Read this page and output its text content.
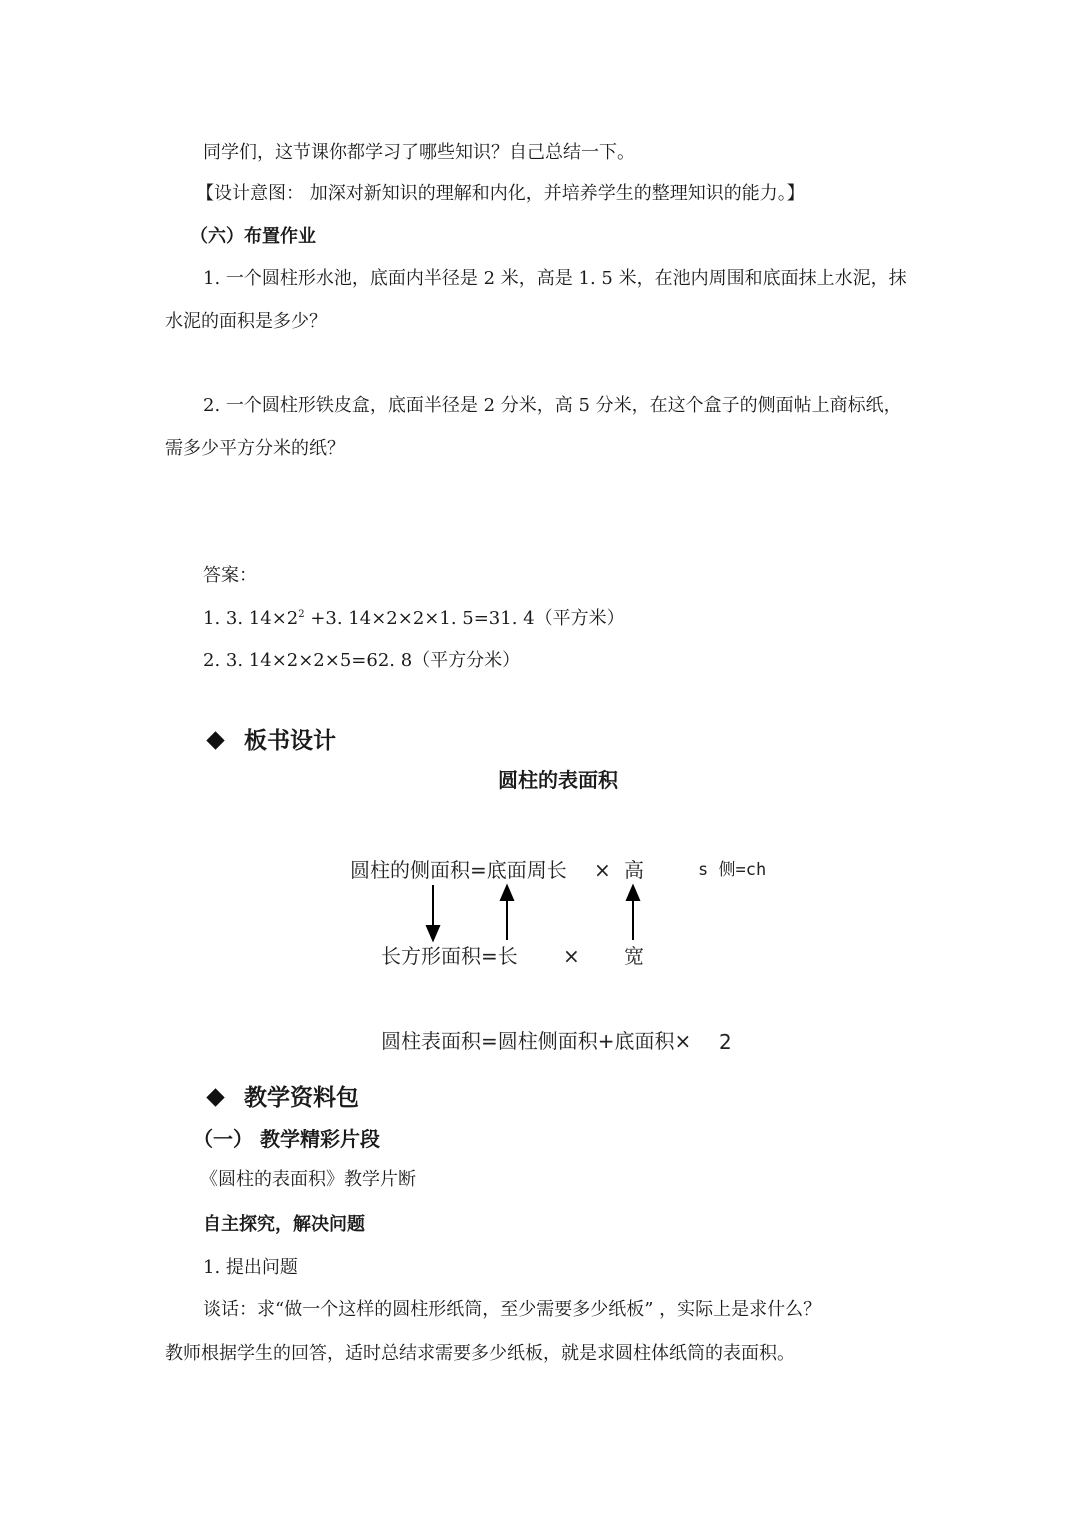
同学们，这节课你都学习了哪些知识？自己总结一下。
【设计意图： 加深对新知识的理解和内化，并培养学生的整理知识的能力。】
（六）布置作业
1. 一个圆柱形水池，底面内半径是 2 米，高是 1. 5 米，在池内周围和底面抹上水泥，抹
水泥的面积是多少？
2. 一个圆柱形铁皮盒，底面半径是 2 分米，高 5 分米，在这个盒子的侧面帖上商标纸，
需多少平方分米的纸？
答案：
1. 3. $14\times 2^2 +3$. 14×2×2×1. 5=31. 4（平方米）
2. 3. 14×2×2×5=62. 8（平方分米）
板书设计
圆柱的表面积
圆柱的侧面积=底面周长 × 高	s 侧=ch
长方形面积=长 × 宽
圆柱表面积=圆柱侧面积+底面积× 2
教学资料包
（一） 教学精彩片段
《圆柱的表面积》教学片断
自主探究，解决问题
1. 提出问题
谈话：求“做一个这样的圆柱形纸筒，至少需要多少纸板” ，实际上是求什么？
教师根据学生的回答，适时总结求需要多少纸板，就是求圆柱体纸筒的表面积。
